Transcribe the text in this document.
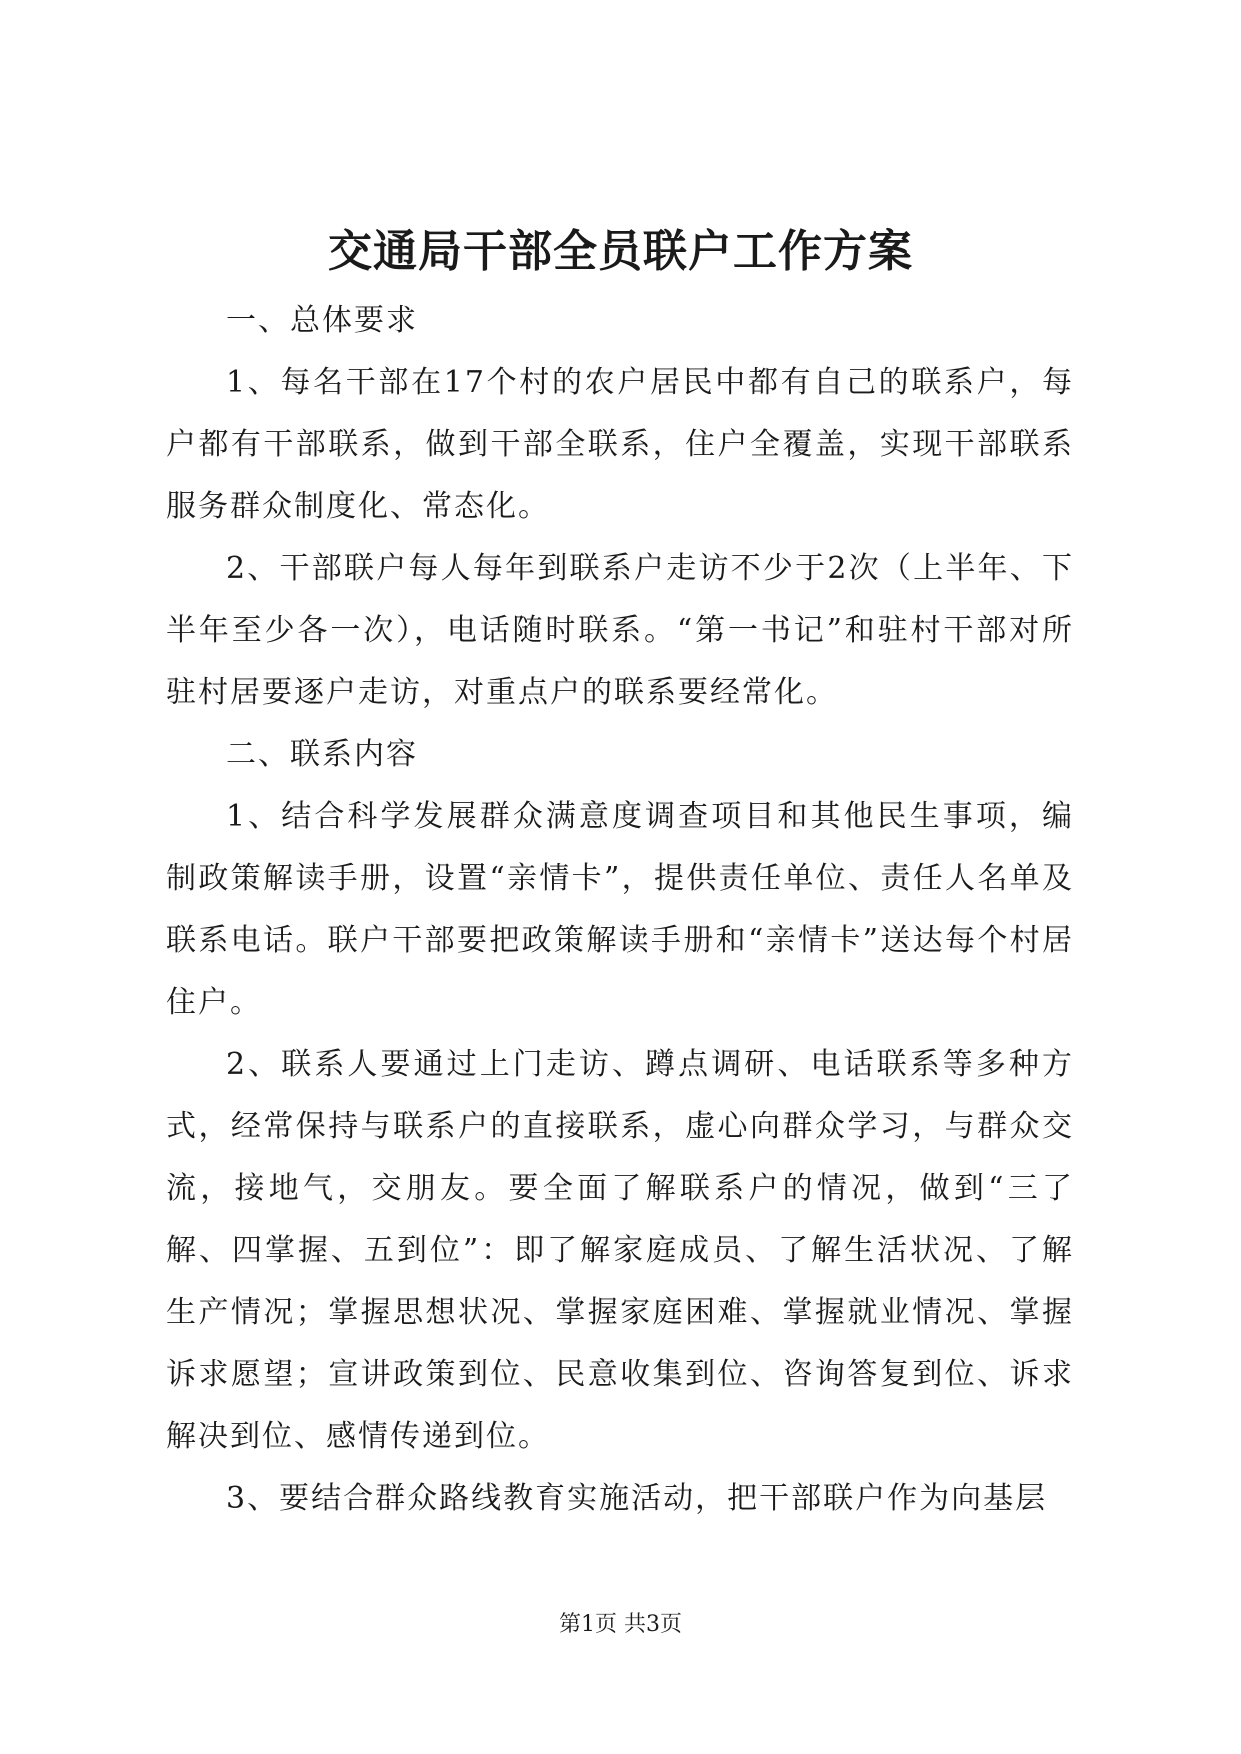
交通局干部全员联户工作方案

一、总体要求

1、每名干部在17个村的农户居民中都有自己的联系户，每户都有干部联系，做到干部全联系，住户全覆盖，实现干部联系服务群众制度化、常态化。

2、干部联户每人每年到联系户走访不少于2次（上半年、下半年至少各一次），电话随时联系。“第一书记”和驻村干部对所驻村居要逐户走访，对重点户的联系要经常化。

二、联系内容

1、结合科学发展群众满意度调查项目和其他民生事项，编制政策解读手册，设置“亲情卡”，提供责任单位、责任人名单及联系电话。联户干部要把政策解读手册和“亲情卡”送达每个村居住户。

2、联系人要通过上门走访、蹲点调研、电话联系等多种方式，经常保持与联系户的直接联系，虚心向群众学习，与群众交流，接地气，交朋友。要全面了解联系户的情况，做到“三了解、四掌握、五到位”：即了解家庭成员、了解生活状况、了解生产情况；掌握思想状况、掌握家庭困难、掌握就业情况、掌握诉求愿望；宣讲政策到位、民意收集到位、咨询答复到位、诉求解决到位、感情传递到位。

3、要结合群众路线教育实施活动，把干部联户作为向基层

第1页 共3页
